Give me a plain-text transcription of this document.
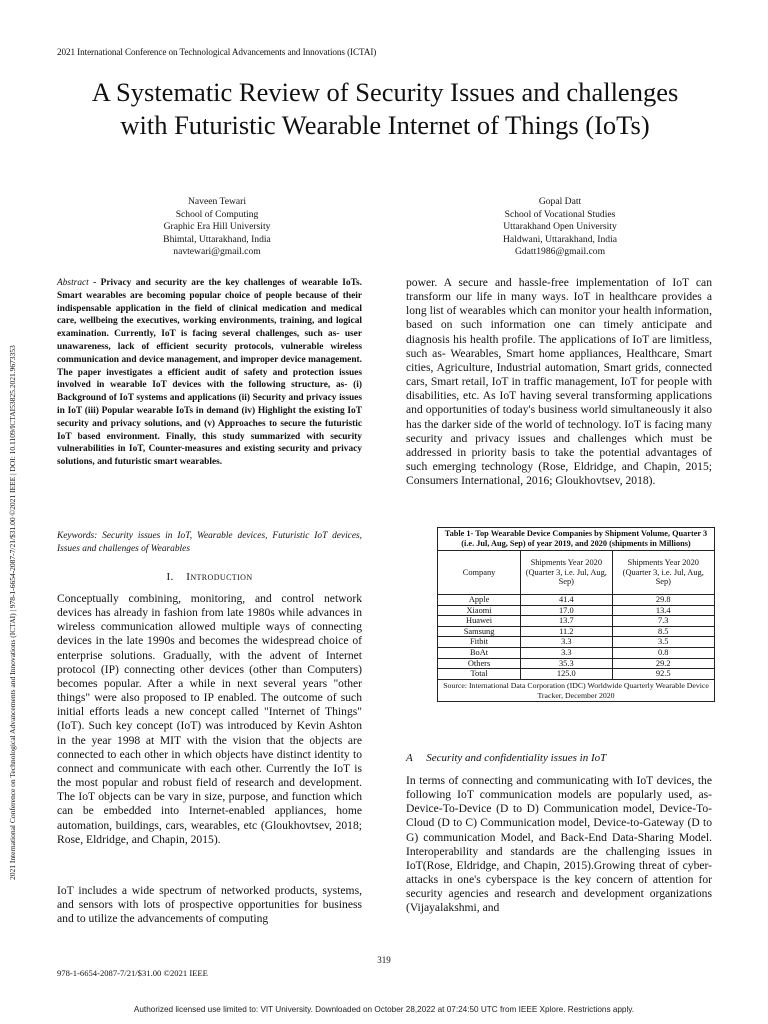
2021 International Conference on Technological Advancements and Innovations (ICTAI)
2021 International Conference on Technological Advancements and Innovations (ICTAI) | 978-1-6654-2087-7/21/$31.00 ©2021 IEEE | DOI: 10.1109/ICTAI53825.2021.9673353
A Systematic Review of Security Issues and challenges with Futuristic Wearable Internet of Things (IoTs)
Naveen Tewari
School of Computing
Graphic Era Hill University
Bhimtal, Uttarakhand, India
navtewari@gmail.com
Gopal Datt
School of Vocational Studies
Uttarakhand Open University
Haldwani, Uttarakhand, India
Gdatt1986@gmail.com
Abstract - Privacy and security are the key challenges of wearable IoTs. Smart wearables are becoming popular choice of people because of their indispensable application in the field of clinical medication and medical care, wellbeing the executives, working environments, training, and logical examination. Currently, IoT is facing several challenges, such as- user unawareness, lack of efficient security protocols, vulnerable wireless communication and device management, and improper device management. The paper investigates a efficient audit of safety and protection issues involved in wearable IoT devices with the following structure, as- (i) Background of IoT systems and applications (ii) Security and privacy issues in IoT (iii) Popular wearable IoTs in demand (iv) Highlight the existing IoT security and privacy solutions, and (v) Approaches to secure the futuristic IoT based environment. Finally, this study summarized with security vulnerabilities in IoT, Counter-measures and existing security and privacy solutions, and futuristic smart wearables.
Keywords: Security issues in IoT, Wearable devices, Futuristic IoT devices, Issues and challenges of Wearables
I. Introduction
Conceptually combining, monitoring, and control network devices has already in fashion from late 1980s while advances in wireless communication allowed multiple ways of connecting devices in the late 1990s and becomes the widespread choice of enterprise solutions. Gradually, with the advent of Internet protocol (IP) connecting other devices (other than Computers) becomes popular. After a while in next several years "other things" were also proposed to IP enabled. The outcome of such initial efforts leads a new concept called "Internet of Things" (IoT). Such key concept (IoT) was introduced by Kevin Ashton in the year 1998 at MIT with the vision that the objects are connected to each other in which objects have distinct identity to connect and communicate with each other. Currently the IoT is the most popular and robust field of research and development. The IoT objects can be vary in size, purpose, and function which can be embedded into Internet-enabled appliances, home automation, buildings, cars, wearables, etc (Gloukhovtsev, 2018; Rose, Eldridge, and Chapin, 2015).
IoT includes a wide spectrum of networked products, systems, and sensors with lots of prospective opportunities for business and to utilize the advancements of computing
power. A secure and hassle-free implementation of IoT can transform our life in many ways. IoT in healthcare provides a long list of wearables which can monitor your health information, based on such information one can timely anticipate and diagnosis his health profile. The applications of IoT are limitless, such as- Wearables, Smart home appliances, Healthcare, Smart cities, Agriculture, Industrial automation, Smart grids, connected cars, Smart retail, IoT in traffic management, IoT for people with disabilities, etc. As IoT having several transforming applications and opportunities of today's business world simultaneously it also has the darker side of the world of technology. IoT is facing many security and privacy issues and challenges which must be addressed in priority basis to take the potential advantages of such emerging technology (Rose, Eldridge, and Chapin, 2015; Consumers International, 2016; Gloukhovtsev, 2018).
Table 1- Top Wearable Device Companies by Shipment Volume, Quarter 3 (i.e. Jul, Aug, Sep) of year 2019, and 2020 (shipments in Millions)		
Company	Shipments Year 2020 (Quarter 3, i.e. Jul, Aug, Sep)	Shipments Year 2020 (Quarter 3, i.e. Jul, Aug, Sep)
Apple	41.4	29.8
Xiaomi	17.0	13.4
Huawei	13.7	7.3
Samsung	11.2	8.5
Fitbit	3.3	3.5
BoAt	3.3	0.8
Others	35.3	29.2
Total	125.0	92.5
Source: International Data Corporation (IDC) Worldwide Quarterly Wearable Device Tracker, December 2020		
A     Security and confidentiality issues in IoT
In terms of connecting and communicating with IoT devices, the following IoT communication models are popularly used, as- Device-To-Device (D to D) Communication model, Device-To-Cloud (D to C) Communication model, Device-to-Gateway (D to G) communication Model, and Back-End Data-Sharing Model. Interoperability and standards are the challenging issues in IoT(Rose, Eldridge, and Chapin, 2015).Growing threat of cyber-attacks in one's cyberspace is the key concern of attention for security agencies and research and development organizations (Vijayalakshmi, and
319
978-1-6654-2087-7/21/$31.00 ©2021 IEEE
Authorized licensed use limited to: VIT University. Downloaded on October 28,2022 at 07:24:50 UTC from IEEE Xplore. Restrictions apply.
